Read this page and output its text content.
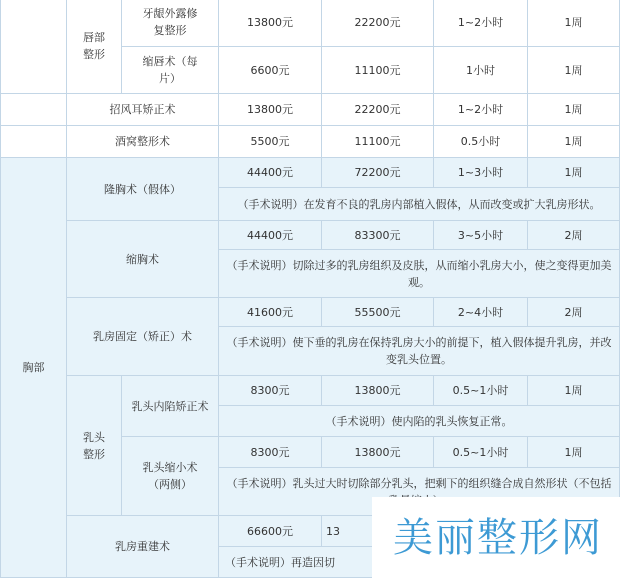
	唇部整形	牙龈外露修复整形	13800元	22200元	1~2小时	1周
		缩唇术（每片）	6600元	11100元	1小时	1周
	招风耳矫正术		13800元	22200元	1~2小时	1周
	酒窝整形术		5500元	11100元	0.5小时	1周
胸部	隆胸术（假体）		44400元	72200元	1~3小时	1周
			（手术说明）在发育不良的乳房内部植入假体，从而改变或扩大乳房形状。			
	缩胸术		44400元	83300元	3~5小时	2周
			（手术说明）切除过多的乳房组织及皮肤，从而缩小乳房大小，使之变得更加美观。			
	乳房固定（矫正）术		41600元	55500元	2~4小时	2周
			（手术说明）使下垂的乳房在保持乳房大小的前提下，植入假体提升乳房，并改变乳头位置。			
	乳头整形	乳头内陷矫正术	8300元	13800元	0.5~1小时	1周
			（手术说明）使内陷的乳头恢复正常。			
		乳头缩小术（两侧）	8300元	13800元	0.5~1小时	1周
			（手术说明）乳头过大时切除部分乳头，把剩下的组织缝合成自然形状（不包括			
	乳房重建术		66600元	13		
			（手术说明）再造因切			
美丽整形网
